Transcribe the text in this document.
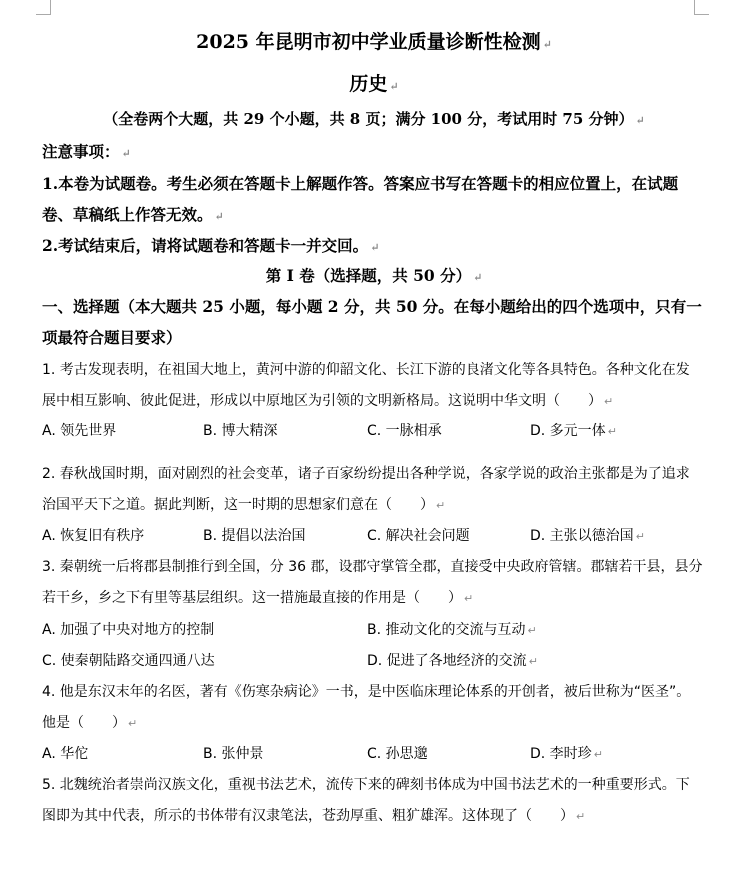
2025 年昆明市初中学业质量诊断性检测 ↵
历史 ↵
（全卷两个大题，共 29 个小题，共 8 页；满分 100 分，考试用时 75 分钟） ↵
注意事项： ↵
1.本卷为试题卷。考生必须在答题卡上解题作答。答案应书写在答题卡的相应位置上，在试题
卷、草稿纸上作答无效。 ↵
2.考试结束后，请将试题卷和答题卡一并交回。 ↵
第 Ⅰ 卷（选择题，共 50 分） ↵
一、选择题（本大题共 25 小题，每小题 2 分，共 50 分。在每小题给出的四个选项中，只有一
项最符合题目要求）
1. 考古发现表明，在祖国大地上，黄河中游的仰韶文化、长江下游的良渚文化等各具特色。各种文化在发
展中相互影响、彼此促进，形成以中原地区为引领的文明新格局。这说明中华文明（　　） ↵
A. 领先世界	B. 博大精深	C. 一脉相承	D. 多元一体 ↵
2. 春秋战国时期，面对剧烈的社会变革，诸子百家纷纷提出各种学说，各家学说的政治主张都是为了追求
治国平天下之道。据此判断，这一时期的思想家们意在（　　） ↵
A. 恢复旧有秩序	B. 提倡以法治国	C. 解决社会问题	D. 主张以德治国 ↵
3. 秦朝统一后将郡县制推行到全国，分 36 郡，设郡守掌管全郡，直接受中央政府管辖。郡辖若干县，县分
若干乡，乡之下有里等基层组织。这一措施最直接的作用是（　　） ↵
A. 加强了中央对地方的控制	B. 推动文化的交流与互动 ↵
C. 使秦朝陆路交通四通八达	D. 促进了各地经济的交流 ↵
4. 他是东汉末年的名医，著有《伤寒杂病论》一书，是中医临床理论体系的开创者，被后世称为“医圣”。
他是（　　） ↵
A. 华佗	B. 张仲景	C. 孙思邈	D. 李时珍 ↵
5. 北魏统治者崇尚汉族文化，重视书法艺术，流传下来的碑刻书体成为中国书法艺术的一种重要形式。下
图即为其中代表，所示的书体带有汉隶笔法，苍劲厚重、粗犷雄浑。这体现了（　　） ↵
